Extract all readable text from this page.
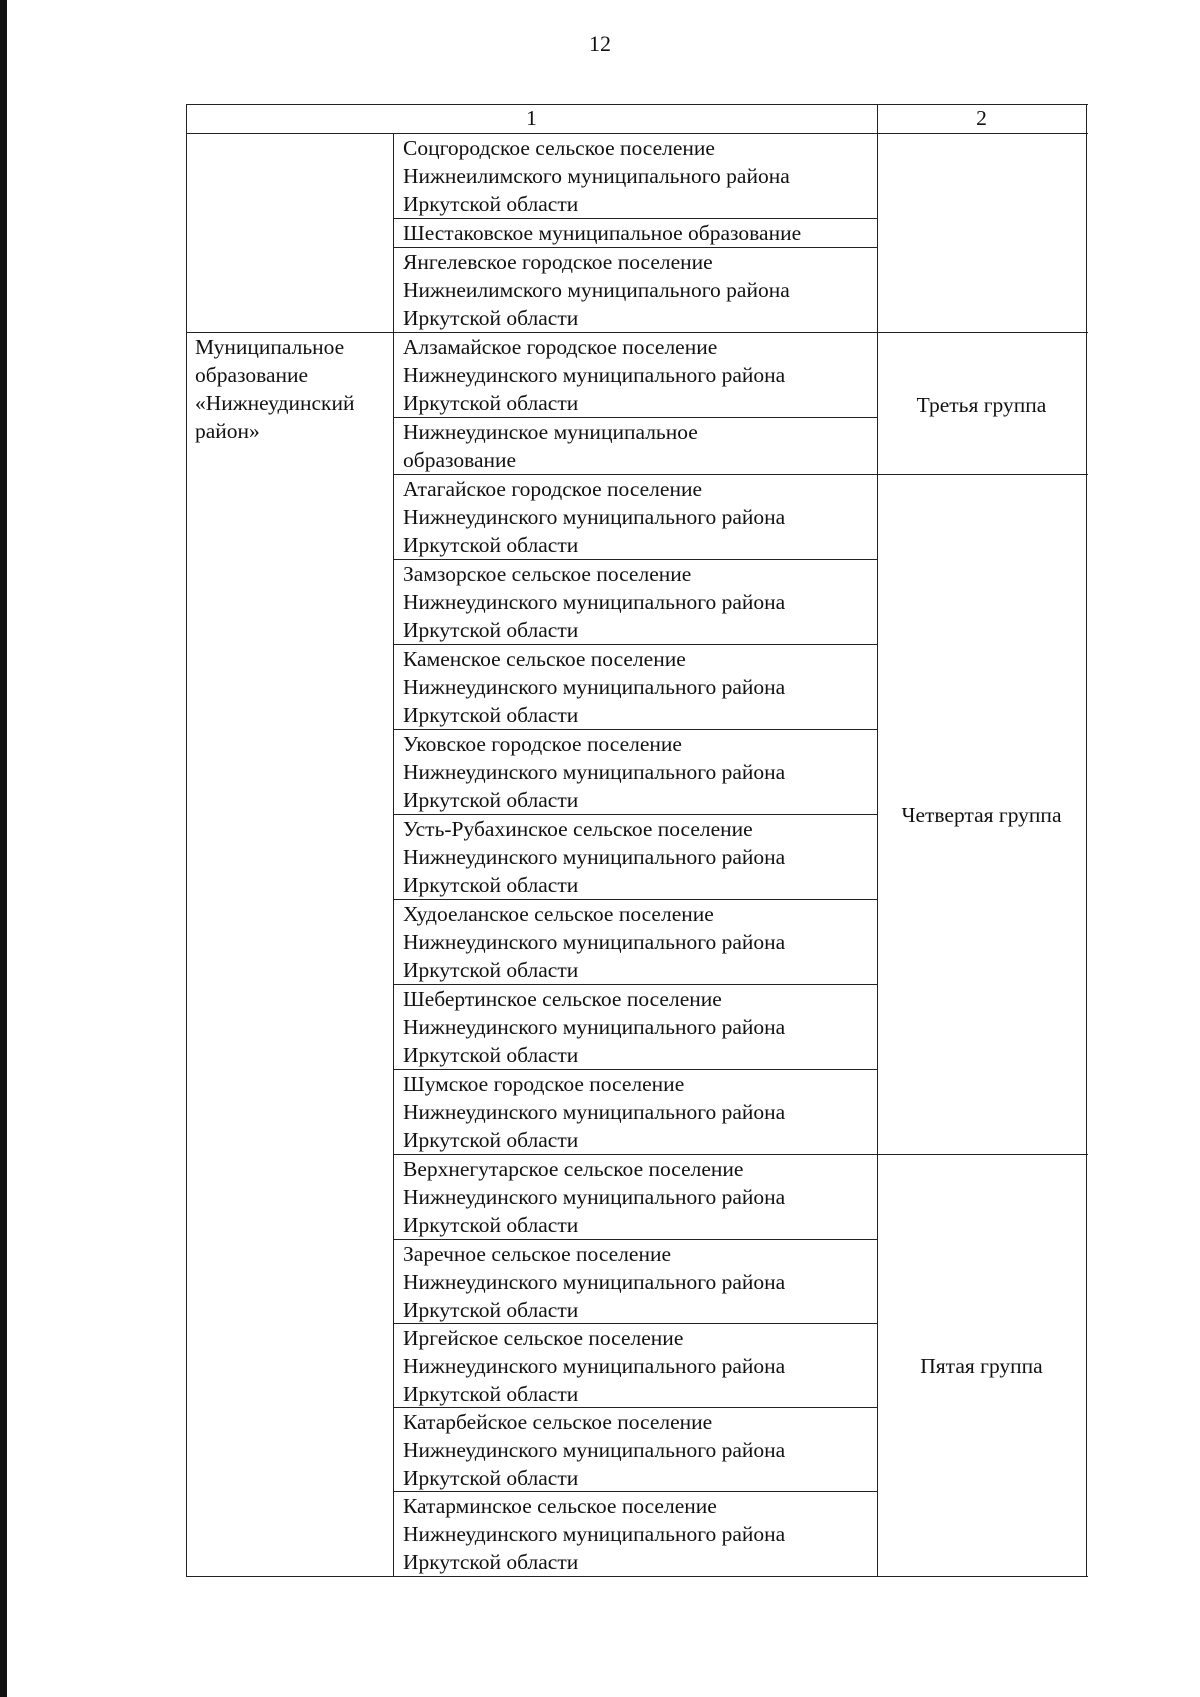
12
1	2
Соцгородское сельское поселение
Нижнеилимского муниципального района
Иркутской области
Шестаковское муниципальное образование
Янгелевское городское поселение
Нижнеилимского муниципального района
Иркутской области
Муниципальное
образование
«Нижнеудинский
район»
Алзамайское городское поселение
Нижнеудинского муниципального района
Иркутской области
Нижнеудинское муниципальное
образование
Третья группа
Атагайское городское поселение
Нижнеудинского муниципального района
Иркутской области
Замзорское сельское поселение
Нижнеудинского муниципального района
Иркутской области
Каменское сельское поселение
Нижнеудинского муниципального района
Иркутской области
Уковское городское поселение
Нижнеудинского муниципального района
Иркутской области
Усть-Рубахинское сельское поселение
Нижнеудинского муниципального района
Иркутской области
Худоеланское сельское поселение
Нижнеудинского муниципального района
Иркутской области
Шебертинское сельское поселение
Нижнеудинского муниципального района
Иркутской области
Шумское городское поселение
Нижнеудинского муниципального района
Иркутской области
Четвертая группа
Верхнегутарское сельское поселение
Нижнеудинского муниципального района
Иркутской области
Заречное сельское поселение
Нижнеудинского муниципального района
Иркутской области
Иргейское сельское поселение
Нижнеудинского муниципального района
Иркутской области
Катарбейское сельское поселение
Нижнеудинского муниципального района
Иркутской области
Катарминское сельское поселение
Нижнеудинского муниципального района
Иркутской области
Пятая группа
